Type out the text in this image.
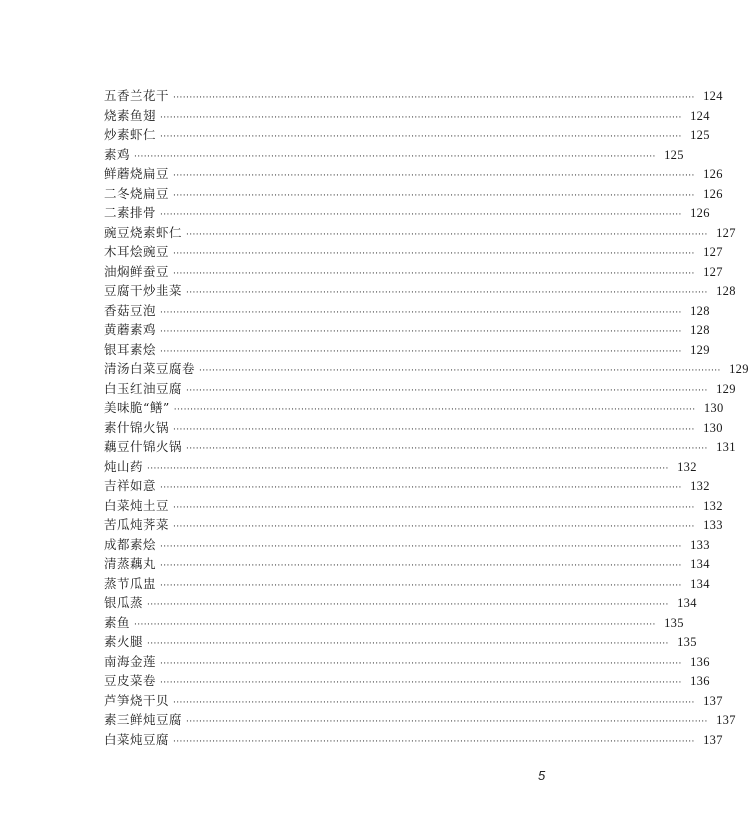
五香兰花干 ································································································································································ 124
烧素鱼翅 ································································································································································ 124
炒素虾仁 ································································································································································ 125
素鸡 ································································································································································ 125
鲜蘑烧扁豆 ································································································································································ 126
二冬烧扁豆 ································································································································································ 126
二素排骨 ································································································································································ 126
豌豆烧素虾仁 ································································································································································ 127
木耳烩豌豆 ································································································································································ 127
油焖鲜蚕豆 ································································································································································ 127
豆腐干炒韭菜 ································································································································································ 128
香菇豆泡 ································································································································································ 128
黄蘑素鸡 ································································································································································ 128
银耳素烩 ································································································································································ 129
清汤白菜豆腐卷 ································································································································································ 129
白玉红油豆腐 ································································································································································ 129
美味脆“鳝” ································································································································································ 130
素什锦火锅 ································································································································································ 130
藕豆什锦火锅 ································································································································································ 131
炖山药 ································································································································································ 132
吉祥如意 ································································································································································ 132
白菜炖土豆 ································································································································································ 132
苦瓜炖荠菜 ································································································································································ 133
成都素烩 ································································································································································ 133
清蒸藕丸 ································································································································································ 134
蒸节瓜盅 ································································································································································ 134
银瓜蒸 ································································································································································ 134
素鱼 ································································································································································ 135
素火腿 ································································································································································ 135
南海金莲 ································································································································································ 136
豆皮菜卷 ································································································································································ 136
芦笋烧干贝 ································································································································································ 137
素三鲜炖豆腐 ································································································································································ 137
白菜炖豆腐 ································································································································································ 137
5
